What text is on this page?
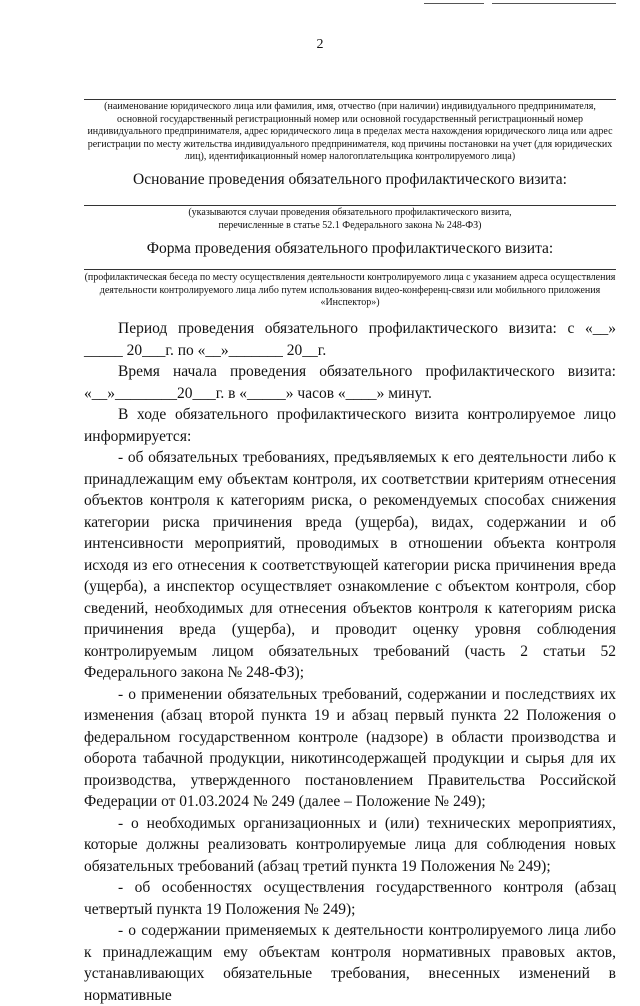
2
(наименование юридического лица или фамилия, имя, отчество (при наличии) индивидуального предпринимателя, основной государственный регистрационный номер или основной государственный регистрационный номер индивидуального предпринимателя, адрес юридического лица в пределах места нахождения юридического лица или адрес регистрации по месту жительства индивидуального предпринимателя, код причины постановки на учет (для юридических лиц), идентификационный номер налогоплательщика контролируемого лица)
Основание проведения обязательного профилактического визита:
(указываются случаи проведения обязательного профилактического визита, перечисленные в статье 52.1 Федерального закона № 248-ФЗ)
Форма проведения обязательного профилактического визита:
(профилактическая беседа по месту осуществления деятельности контролируемого лица с указанием адреса осуществления деятельности контролируемого лица либо путем использования видео-конференц-связи или мобильного приложения «Инспектор»)

Период проведения обязательного профилактического визита: с «__» _____ 20___г. по «__»_______ 20__г.

Время начала проведения обязательного профилактического визита: «__»________20___г. в «_____» часов «____» минут.

В ходе обязательного профилактического визита контролируемое лицо информируется:

- об обязательных требованиях, предъявляемых к его деятельности либо к принадлежащим ему объектам контроля, их соответствии критериям отнесения объектов контроля к категориям риска, о рекомендуемых способах снижения категории риска причинения вреда (ущерба), видах, содержании и об интенсивности мероприятий, проводимых в отношении объекта контроля исходя из его отнесения к соответствующей категории риска причинения вреда (ущерба), а инспектор осуществляет ознакомление с объектом контроля, сбор сведений, необходимых для отнесения объектов контроля к категориям риска причинения вреда (ущерба), и проводит оценку уровня соблюдения контролируемым лицом обязательных требований (часть 2 статьи 52 Федерального закона № 248-ФЗ);

- о применении обязательных требований, содержании и последствиях их изменения (абзац второй пункта 19 и абзац первый пункта 22 Положения о федеральном государственном контроле (надзоре) в области производства и оборота табачной продукции, никотинсодержащей продукции и сырья для их производства, утвержденного постановлением Правительства Российской Федерации от 01.03.2024 № 249 (далее – Положение № 249);

- о необходимых организационных и (или) технических мероприятиях, которые должны реализовать контролируемые лица для соблюдения новых обязательных требований (абзац третий пункта 19 Положения № 249);

- об особенностях осуществления государственного контроля (абзац четвертый пункта 19 Положения № 249);

- о содержании применяемых к деятельности контролируемого лица либо к принадлежащим ему объектам контроля нормативных правовых актов, устанавливающих обязательные требования, внесенных изменений в нормативные
